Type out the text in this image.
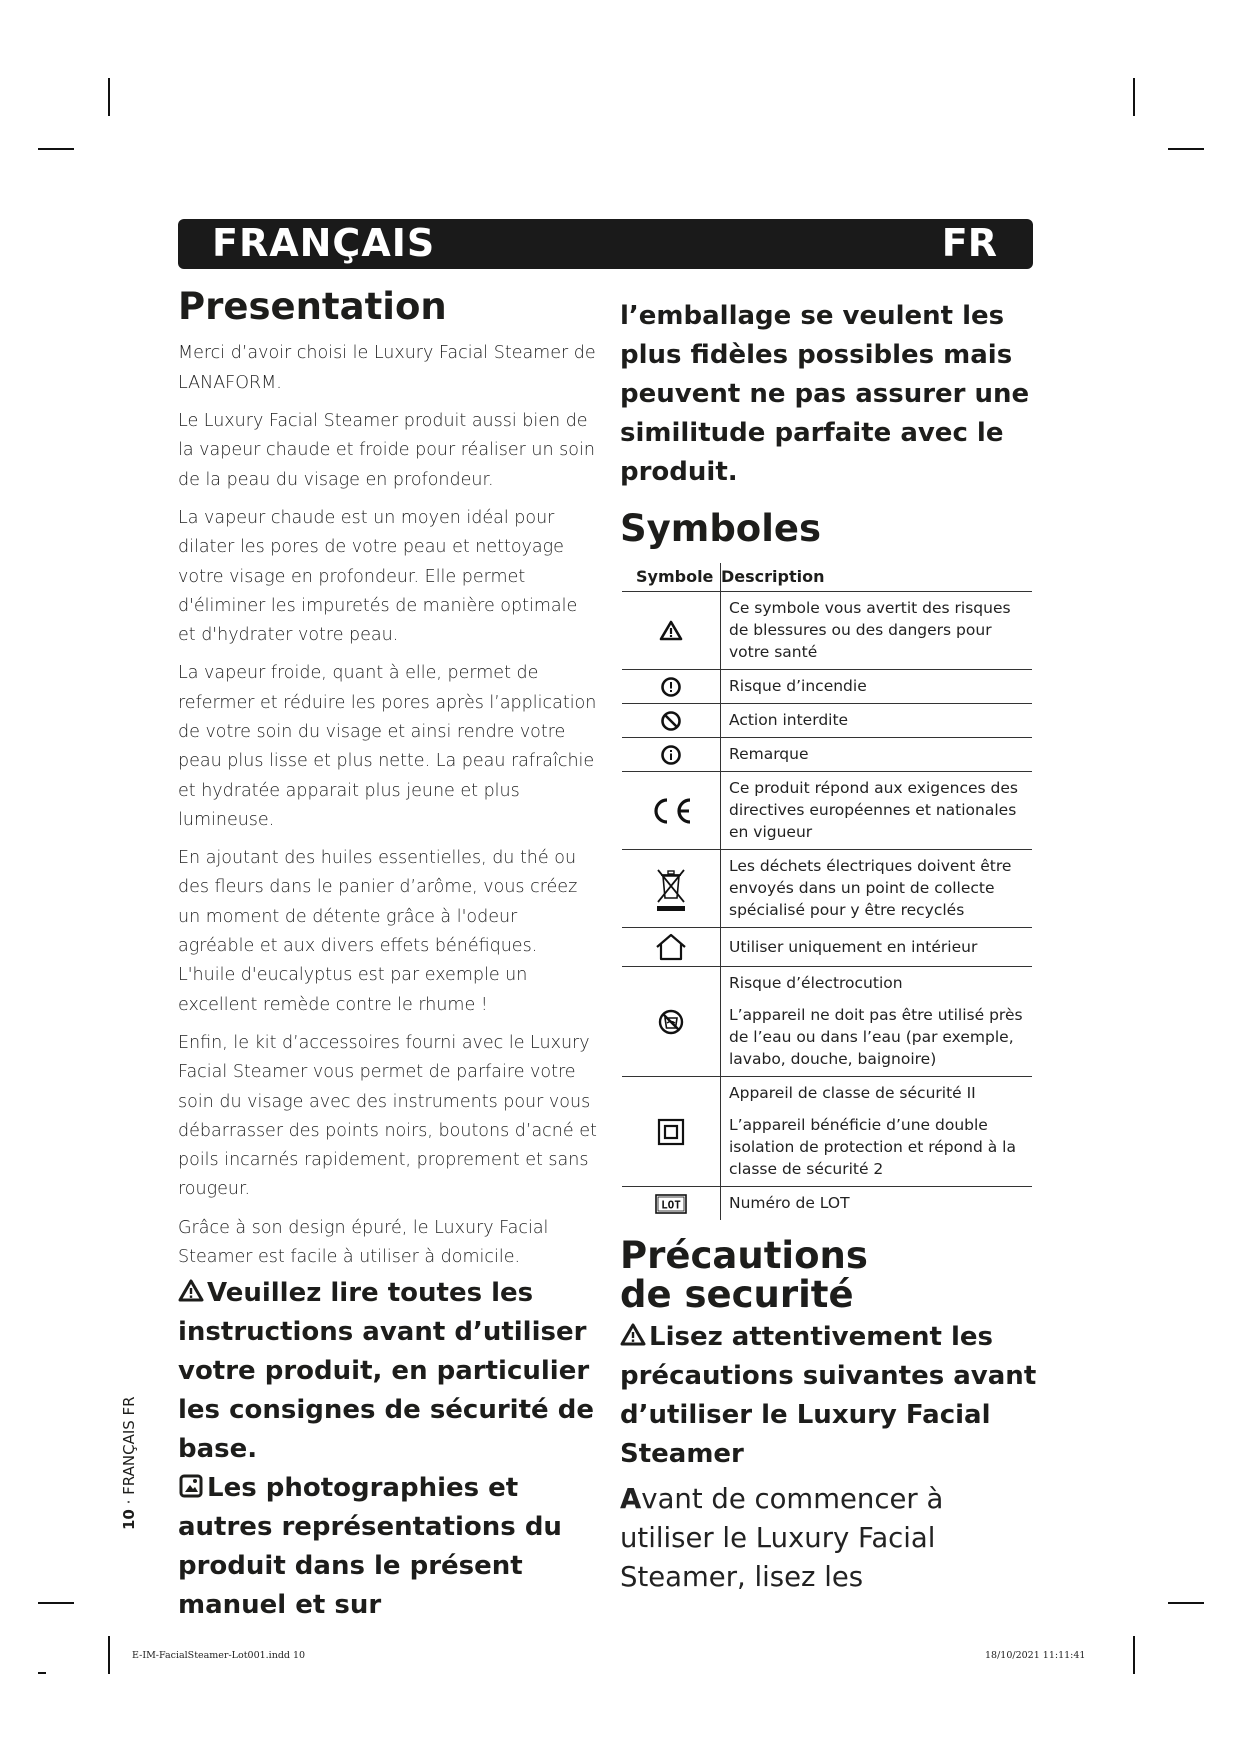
FRANÇAIS	FR
Presentation

Merci d’avoir choisi le Luxury Facial Steamer de LANAFORM.

Le Luxury Facial Steamer produit aussi bien de la vapeur chaude et froide pour réaliser un soin de la peau du visage en profondeur.

La vapeur chaude est un moyen idéal pour dilater les pores de votre peau et nettoyage votre visage en profondeur. Elle permet d'éliminer les impuretés de manière optimale et d'hydrater votre peau.

La vapeur froide, quant à elle, permet de refermer et réduire les pores après l’application de votre soin du visage et ainsi rendre votre peau plus lisse et plus nette. La peau rafraîchie et hydratée apparait plus jeune et plus lumineuse.

En ajoutant des huiles essentielles, du thé ou des fleurs dans le panier d’arôme, vous créez un moment de détente grâce à l'odeur agréable et aux divers effets bénéfiques. L'huile d'eucalyptus est par exemple un excellent remède contre le rhume !

Enfin, le kit d’accessoires fourni avec le Luxury Facial Steamer vous permet de parfaire votre soin du visage avec des instruments pour vous débarrasser des points noirs, boutons d’acné et poils incarnés rapidement, proprement et sans rougeur.

Grâce à son design épuré, le Luxury Facial Steamer est facile à utiliser à domicile.

Veuillez lire toutes les instructions avant d’utiliser votre produit, en particulier les consignes de sécurité de base.

Les photographies et autres représentations du produit dans le présent manuel et sur

l’emballage se veulent les plus fidèles possibles mais peuvent ne pas assurer une similitude parfaite avec le produit.

Symboles
Symbole	Description

	Ce symbole vous avertit des risques de blessures ou des dangers pour votre santé

	Risque d’incendie

	Action interdite

	Remarque

	Ce produit répond aux exigences des directives européennes et nationales en vigueur

	Les déchets électriques doivent être envoyés dans un point de collecte spécialisé pour y être recyclés

	Utiliser uniquement en intérieur

	Risque d’électrocution
L’appareil ne doit pas être utilisé près de l’eau ou dans l’eau (par exemple, lavabo, douche, baignoire)

	Appareil de classe de sécurité II
L’appareil bénéficie d’une double isolation de protection et répond à la classe de sécurité 2

LOT	Numéro de LOT
Précautions
de securité

Lisez attentivement les précautions suivantes avant d’utiliser le Luxury Facial Steamer

Avant de commencer à utiliser le Luxury Facial Steamer, lisez les

10 · FRANÇAIS FR
E-IM-FacialSteamer-Lot001.indd 10	18/10/2021 11:11:41
